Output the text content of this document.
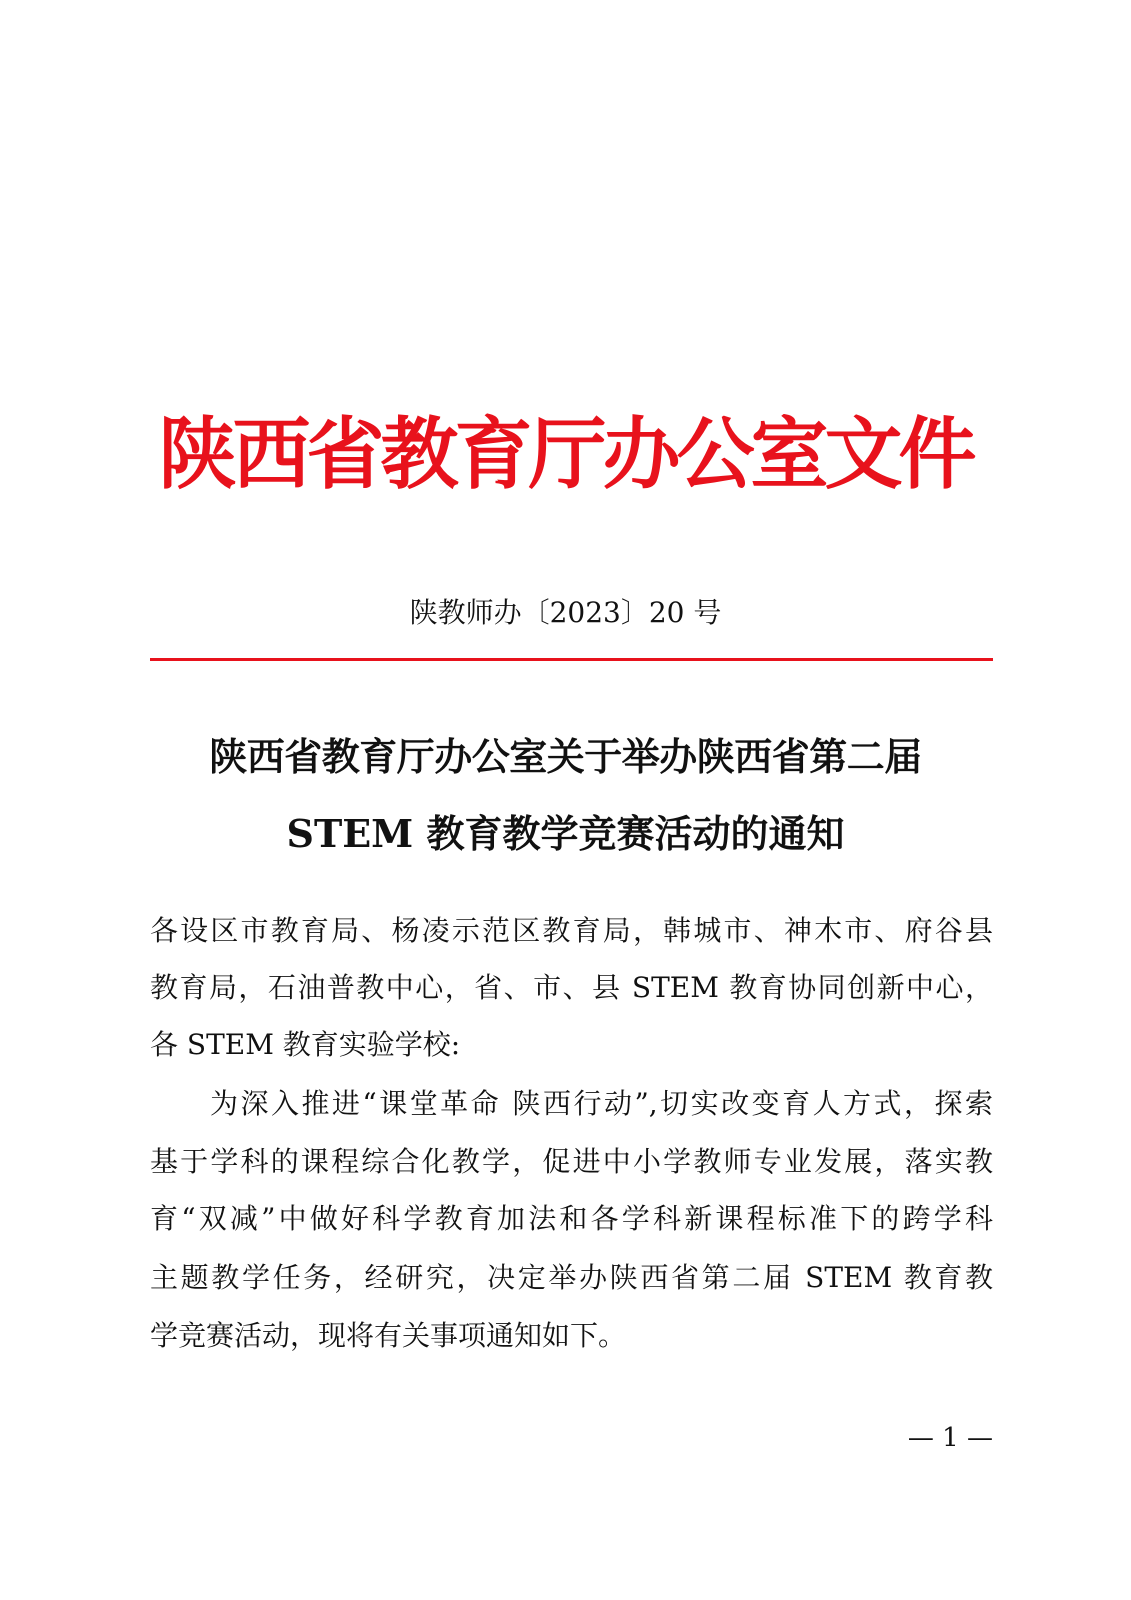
陕西省教育厅办公室文件
陕教师办〔2023〕20 号
陕西省教育厅办公室关于举办陕西省第二届
STEM 教育教学竞赛活动的通知
各设区市教育局、杨凌示范区教育局，韩城市、神木市、府谷县
教育局，石油普教中心，省、市、县 STEM 教育协同创新中心，
各 STEM 教育实验学校:
为深入推进“课堂革命 陕西行动”,切实改变育人方式，探索
基于学科的课程综合化教学，促进中小学教师专业发展，落实教
育“双减”中做好科学教育加法和各学科新课程标准下的跨学科
主题教学任务，经研究，决定举办陕西省第二届 STEM 教育教
学竞赛活动，现将有关事项通知如下。
— 1 —
